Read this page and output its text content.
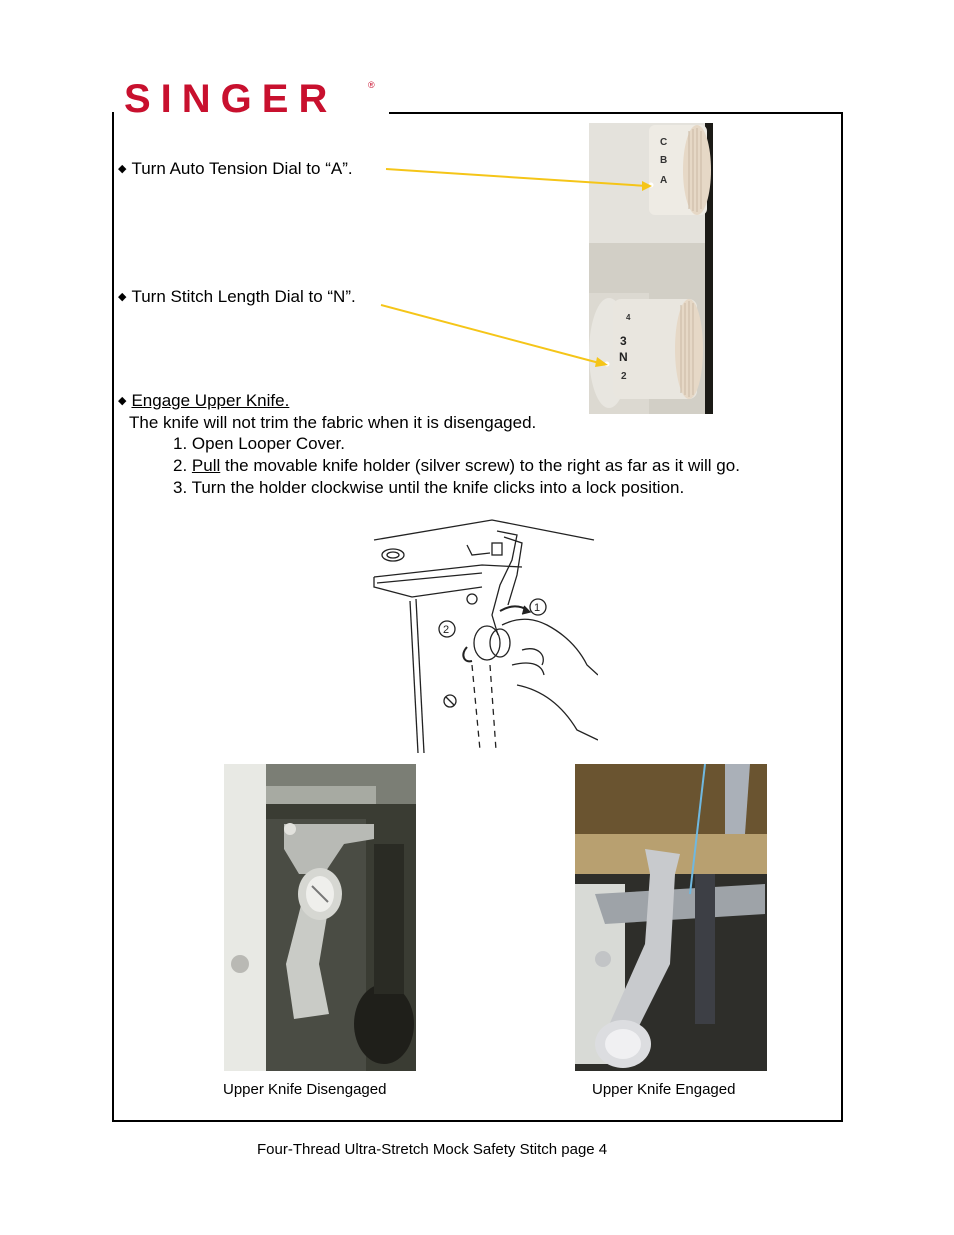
SINGER	®
◆ Turn Auto Tension Dial to “A”.
◆ Turn Stitch Length Dial to “N”.
◆ Engage Upper Knife.
The knife will not trim the fabric when it is disengaged.
1. Open Looper Cover.
2. Pull the movable knife holder (silver screw) to the right as far as it will go.
3. Turn the holder clockwise until the knife clicks into a lock position.
C
B
A
4
3
N
2
1
2
Upper Knife Disengaged	Upper Knife Engaged
Four-Thread Ultra-Stretch Mock Safety Stitch page 4
